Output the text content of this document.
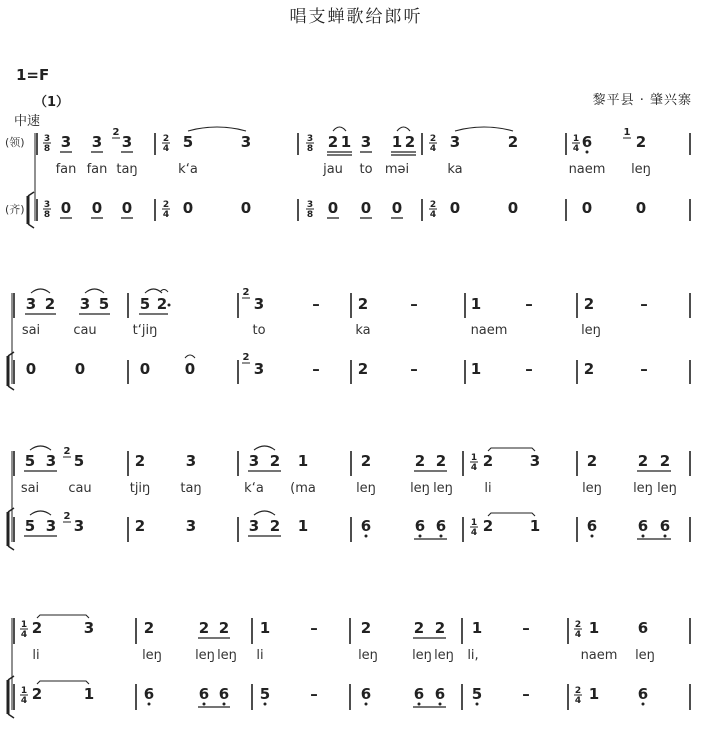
唱支蝉歌给郎听
1=F
（1）
中速
黎平县 · 肇兴寨
(领)
(齐)
3
8
2
4
3
8
2
4
1
4
3 3
2
3	5	3	2 1 3 1 2 3	2	6
1
2
fan fan taŋ	k‘a	jau to məi	ka	naem leŋ
0 0 0	0	0	0 0 0	0	0	0	0
3
8
2
4
3
8
2
4
3 2 3 5 5 2
2
3	–	2	–	1	–	2	–
sai	cau	t‘jiŋ	to	ka	naem	leŋ
0	0	0 0
2
3	–	2	–	1	–	2	–
5 3
2
5	2	3	3 2 1	2	2 2	1
4 2 3	2	2 2
sai cau	tjiŋ taŋ	k‘a (ma	leŋ	leŋ leŋ li	leŋ leŋ leŋ
5 3
2
3	2	3	3 2 1	6	6 6	1
4 2 1	6	6 6
1
4 2	3	2	2 2 1	–	2	2 2 1	–	2
4 1	6
li	leŋ	leŋ leŋ li	leŋ	leŋ leŋ li,	naem leŋ
1
4 2	1	6	6 6 5	–	6	6 6 5	–	2
4 1	6
